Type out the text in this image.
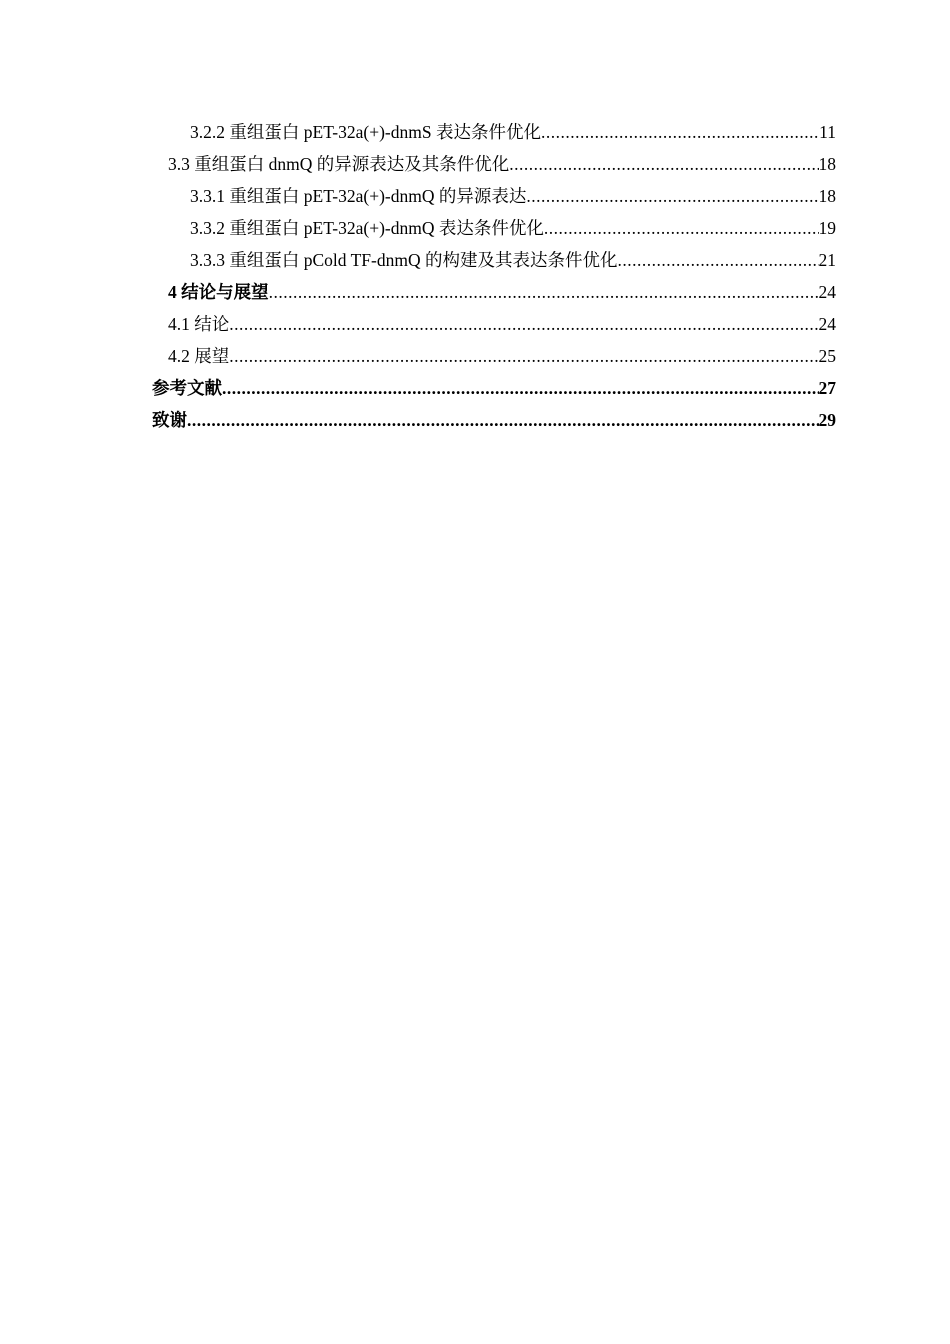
3.2.2 重组蛋白 pET-32a(+)-dnmS 表达条件优化 .....	11
3.3 重组蛋白 dnmQ 的异源表达及其条件优化 .....	18
3.3.1 重组蛋白 pET-32a(+)-dnmQ 的异源表达 .....	18
3.3.2 重组蛋白 pET-32a(+)-dnmQ 表达条件优化 .....	19
3.3.3 重组蛋白 pCold TF-dnmQ 的构建及其表达条件优化 .....	21
4 结论与展望 .....	24
4.1 结论 .....	24
4.2 展望 .....	25
参考文献 .....	27
致谢 .....	29
